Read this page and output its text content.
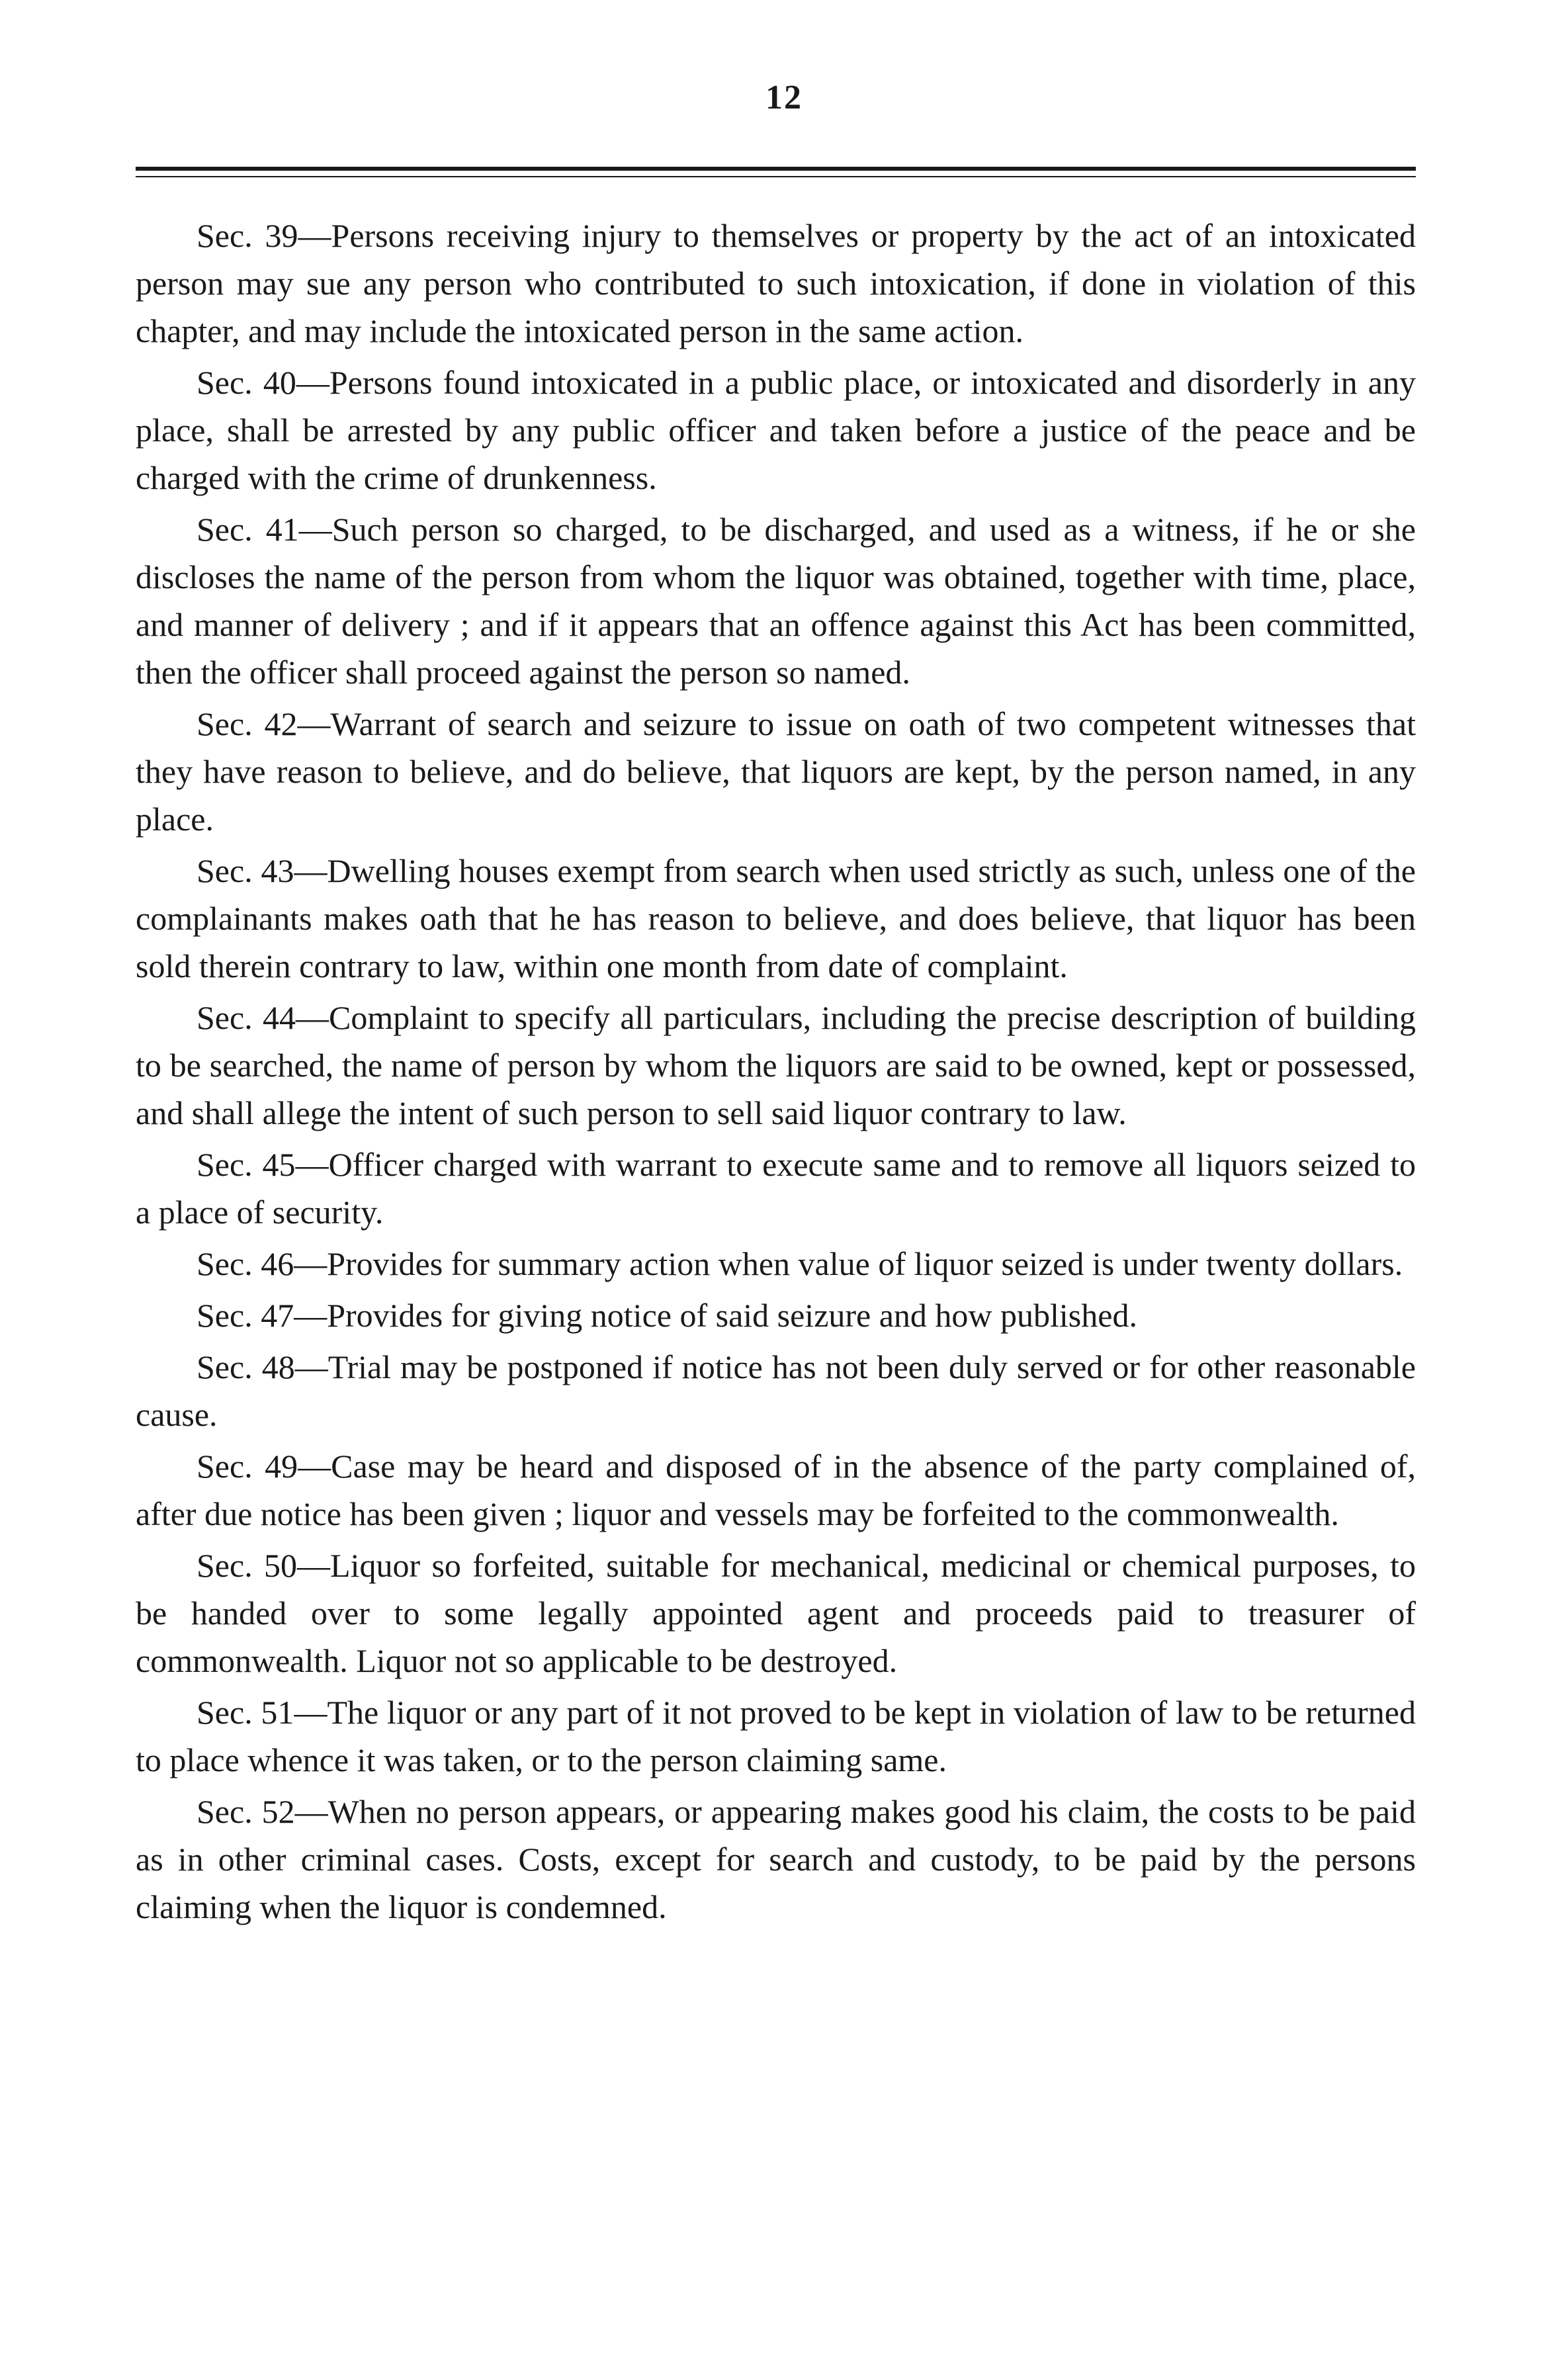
12

Sec. 39—Persons receiving injury to themselves or property by the act of an intoxicated person may sue any person who contributed to such intoxication, if done in violation of this chapter, and may include the intoxicated person in the same action.

Sec. 40—Persons found intoxicated in a public place, or intoxicated and disorderly in any place, shall be arrested by any public officer and taken before a justice of the peace and be charged with the crime of drunkenness.

Sec. 41—Such person so charged, to be discharged, and used as a witness, if he or she discloses the name of the person from whom the liquor was obtained, together with time, place, and manner of delivery ; and if it appears that an offence against this Act has been committed, then the officer shall proceed against the person so named.

Sec. 42—Warrant of search and seizure to issue on oath of two competent witnesses that they have reason to believe, and do believe, that liquors are kept, by the person named, in any place.

Sec. 43—Dwelling houses exempt from search when used strictly as such, unless one of the complainants makes oath that he has reason to believe, and does believe, that liquor has been sold therein contrary to law, within one month from date of complaint.

Sec. 44—Complaint to specify all particulars, including the precise description of building to be searched, the name of person by whom the liquors are said to be owned, kept or possessed, and shall allege the intent of such person to sell said liquor contrary to law.

Sec. 45—Officer charged with warrant to execute same and to remove all liquors seized to a place of security.

Sec. 46—Provides for summary action when value of liquor seized is under twenty dollars.

Sec. 47—Provides for giving notice of said seizure and how published.

Sec. 48—Trial may be postponed if notice has not been duly served or for other reasonable cause.

Sec. 49—Case may be heard and disposed of in the absence of the party complained of, after due notice has been given ; liquor and vessels may be forfeited to the commonwealth.

Sec. 50—Liquor so forfeited, suitable for mechanical, medicinal or chemical purposes, to be handed over to some legally appointed agent and proceeds paid to treasurer of commonwealth. Liquor not so applicable to be destroyed.

Sec. 51—The liquor or any part of it not proved to be kept in violation of law to be returned to place whence it was taken, or to the person claiming same.

Sec. 52—When no person appears, or appearing makes good his claim, the costs to be paid as in other criminal cases. Costs, except for search and custody, to be paid by the persons claiming when the liquor is condemned.
